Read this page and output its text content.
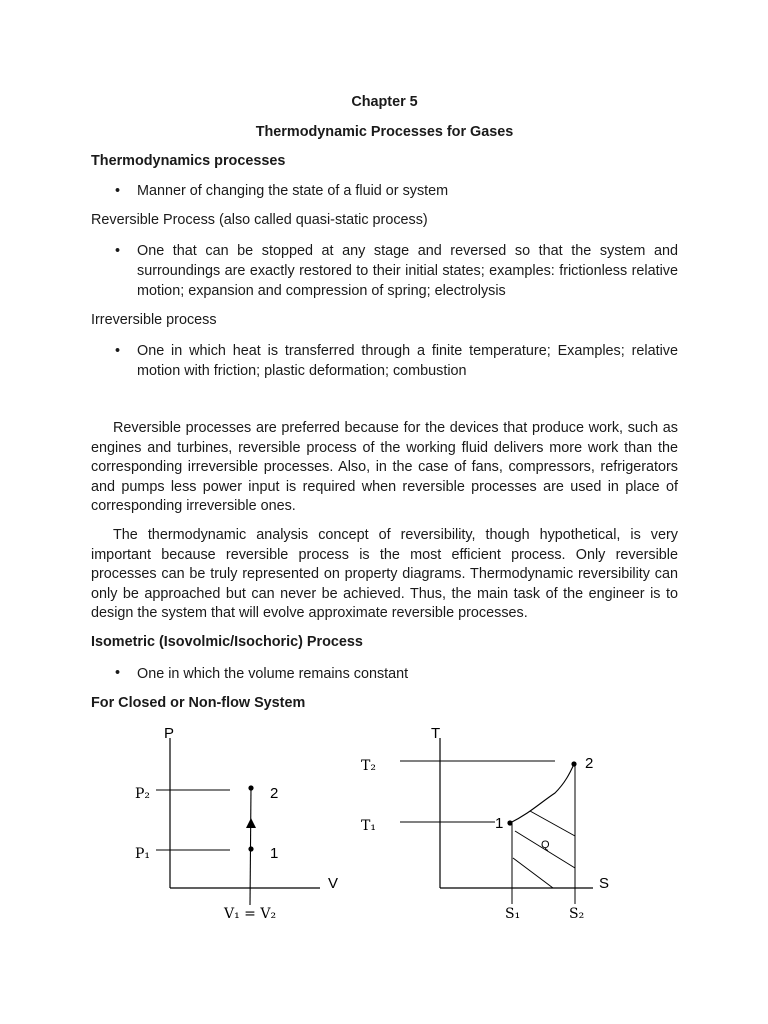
Chapter 5
Thermodynamic Processes for Gases
Thermodynamics processes
• Manner of changing the state of a fluid or system
Reversible Process (also called quasi-static process)
• One that can be stopped at any stage and reversed so that the system and surroundings are exactly restored to their initial states; examples: frictionless relative motion; expansion and compression of spring; electrolysis
Irreversible process
• One in which heat is transferred through a finite temperature; Examples; relative motion with friction; plastic deformation; combustion
Reversible processes are preferred because for the devices that produce work, such as engines and turbines, reversible process of the working fluid delivers more work than the corresponding irreversible processes. Also, in the case of fans, compressors, refrigerators and pumps less power input is required when reversible processes are used in place of corresponding irreversible ones.
The thermodynamic analysis concept of reversibility, though hypothetical, is very important because reversible process is the most efficient process. Only reversible processes can be truly represented on property diagrams. Thermodynamic reversibility can only be approached but can never be achieved. Thus, the main task of the engineer is to design the system that will evolve approximate reversible processes.
Isometric (Isovolmic/Isochoric) Process
• One in which the volume remains constant
For Closed or Non-flow System
P
V
P₂
P₁
2
1
V₁ = V₂
T
S
T₂
T₁
Q
1
2
S₁	S₂
